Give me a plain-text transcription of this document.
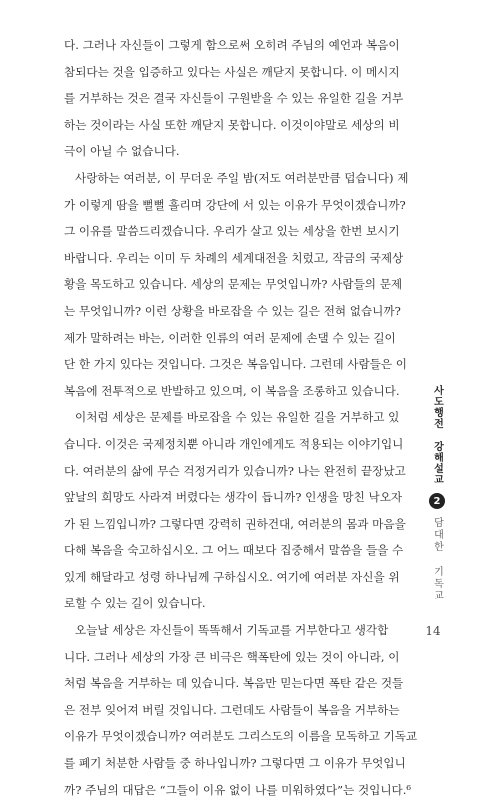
다. 그러나 자신들이 그렇게 함으로써 오히려 주님의 예언과 복음이
참되다는 것을 입증하고 있다는 사실은 깨닫지 못합니다. 이 메시지
를 거부하는 것은 결국 자신들이 구원받을 수 있는 유일한 길을 거부
하는 것이라는 사실 또한 깨닫지 못합니다. 이것이야말로 세상의 비
극이 아닐 수 없습니다.

사랑하는 여러분, 이 무더운 주일 밤(저도 여러분만큼 덥습니다) 제
가 이렇게 땀을 뻘뻘 흘리며 강단에 서 있는 이유가 무엇이겠습니까?
그 이유를 말씀드리겠습니다. 우리가 살고 있는 세상을 한번 보시기
바랍니다. 우리는 이미 두 차례의 세계대전을 치렀고, 작금의 국제상
황을 목도하고 있습니다. 세상의 문제는 무엇입니까? 사람들의 문제
는 무엇입니까? 이런 상황을 바로잡을 수 있는 길은 전혀 없습니까?
제가 말하려는 바는, 이러한 인류의 여러 문제에 손댈 수 있는 길이
단 한 가지 있다는 것입니다. 그것은 복음입니다. 그런데 사람들은 이
복음에 전투적으로 반발하고 있으며, 이 복음을 조롱하고 있습니다.

이처럼 세상은 문제를 바로잡을 수 있는 유일한 길을 거부하고 있
습니다. 이것은 국제정치뿐 아니라 개인에게도 적용되는 이야기입니
다. 여러분의 삶에 무슨 걱정거리가 있습니까? 나는 완전히 끝장났고
앞날의 희망도 사라져 버렸다는 생각이 듭니까? 인생을 망친 낙오자
가 된 느낌입니까? 그렇다면 강력히 권하건대, 여러분의 몸과 마음을
다해 복음을 숙고하십시오. 그 어느 때보다 집중해서 말씀을 들을 수
있게 해달라고 성령 하나님께 구하십시오. 여기에 여러분 자신을 위
로할 수 있는 길이 있습니다.

오늘날 세상은 자신들이 똑똑해서 기독교를 거부한다고 생각합
니다. 그러나 세상의 가장 큰 비극은 핵폭탄에 있는 것이 아니라, 이
처럼 복음을 거부하는 데 있습니다. 복음만 믿는다면 폭탄 같은 것들
은 전부 잊어져 버릴 것입니다. 그런데도 사람들이 복음을 거부하는
이유가 무엇이겠습니까? 여러분도 그리스도의 이름을 모독하고 기독교
를 폐기 처분한 사람들 중 하나입니까? 그렇다면 그 이유가 무엇입니
까? 주님의 대답은 “그들이 이유 없이 나를 미워하였다”는 것입니다.⁶

사도행전 강해설교
2
담대한 기독교
14
